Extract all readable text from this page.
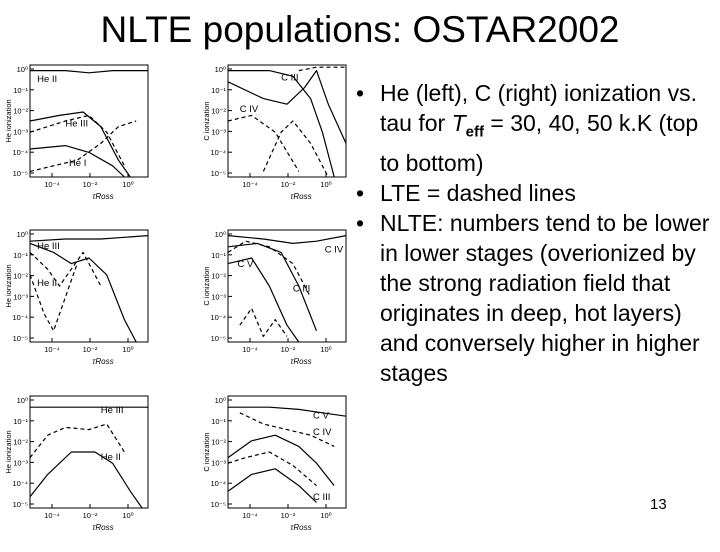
NLTE populations: OSTAR2002
10⁰
10⁻¹
10⁻²
10⁻³
10⁻⁴
10⁻⁵
10⁻⁴	10⁻²	10⁰
τRoss
He ionization
He II
He III
He I
10⁰
10⁻¹
10⁻²
10⁻³
10⁻⁴
10⁻⁵
10⁻⁴	10⁻²	10⁰
τRoss
C ionization
C III
C IV
10⁰
10⁻¹
10⁻²
10⁻³
10⁻⁴
10⁻⁵
10⁻⁴	10⁻²	10⁰
τRoss
He ionization
He III
He II
10⁰
10⁻¹
10⁻²
10⁻³
10⁻⁴
10⁻⁵
10⁻⁴	10⁻²	10⁰
τRoss
C ionization
C IV
C V
C III
10⁰
10⁻¹
10⁻²
10⁻³
10⁻⁴
10⁻⁵
10⁻⁴	10⁻²	10⁰
τRoss
He ionization
He III
He II
10⁰
10⁻¹
10⁻²
10⁻³
10⁻⁴
10⁻⁵
10⁻⁴	10⁻²	10⁰
τRoss
C ionization
C V
C IV
C III
• He (left), C (right) ionization vs. tau for $T_{eff} = 30$, 40, 50 k.K (top to bottom)
• LTE = dashed lines
• NLTE: numbers tend to be lower in lower stages (overionized by the strong radiation field that originates in deep, hot layers) and conversely higher in higher stages
13
